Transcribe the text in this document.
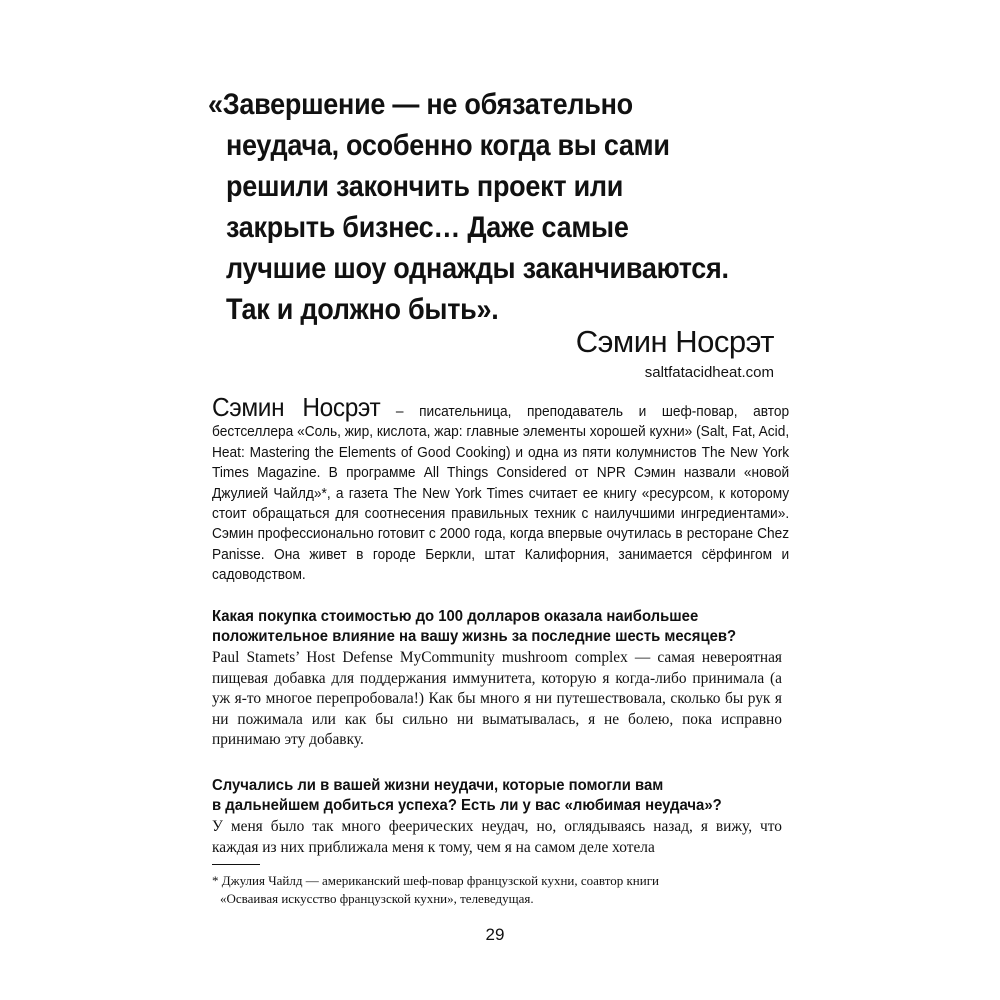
«Завершение — не обязательно
неудача, особенно когда вы сами
решили закончить проект или
закрыть бизнес… Даже самые
лучшие шоу однажды заканчиваются.
Так и должно быть».

Сэмин Носрэт
saltfatacidheat.com

Сэмин Носрэт – писательница, преподаватель и шеф-повар, автор бестселлера «Соль, жир, кислота, жар: главные элементы хорошей кухни» (Salt, Fat, Acid, Heat: Mastering the Elements of Good Cooking) и одна из пяти колумнистов The New York Times Magazine. В программе All Things Considered от NPR Сэмин назвали «новой Джулией Чайлд»*, а газета The New York Times считает ее книгу «ресурсом, к которому стоит обращаться для соотнесения правильных техник с наилучшими ингредиентами». Сэмин профессионально готовит с 2000 года, когда впервые очутилась в ресторане Chez Panisse. Она живет в городе Беркли, штат Калифорния, занимается сёрфингом и садоводством.

Какая покупка стоимостью до 100 долларов оказала наибольшее
положительное влияние на вашу жизнь за последние шесть месяцев?

Paul Stamets’ Host Defense MyCommunity mushroom complex — самая невероятная пищевая добавка для поддержания иммунитета, которую я когда-либо принимала (а уж я-то многое перепробовала!) Как бы много я ни путешествовала, сколько бы рук я ни пожимала или как бы сильно ни выматывалась, я не болею, пока исправно принимаю эту добавку.

Случались ли в вашей жизни неудачи, которые помогли вам
в дальнейшем добиться успеха? Есть ли у вас «любимая неудача»?

У меня было так много феерических неудач, но, оглядываясь назад, я вижу, что каждая из них приближала меня к тому, чем я на самом деле хотела

* Джулия Чайлд — американский шеф-повар французской кухни, соавтор книги
«Осваивая искусство французской кухни», телеведущая.

29
